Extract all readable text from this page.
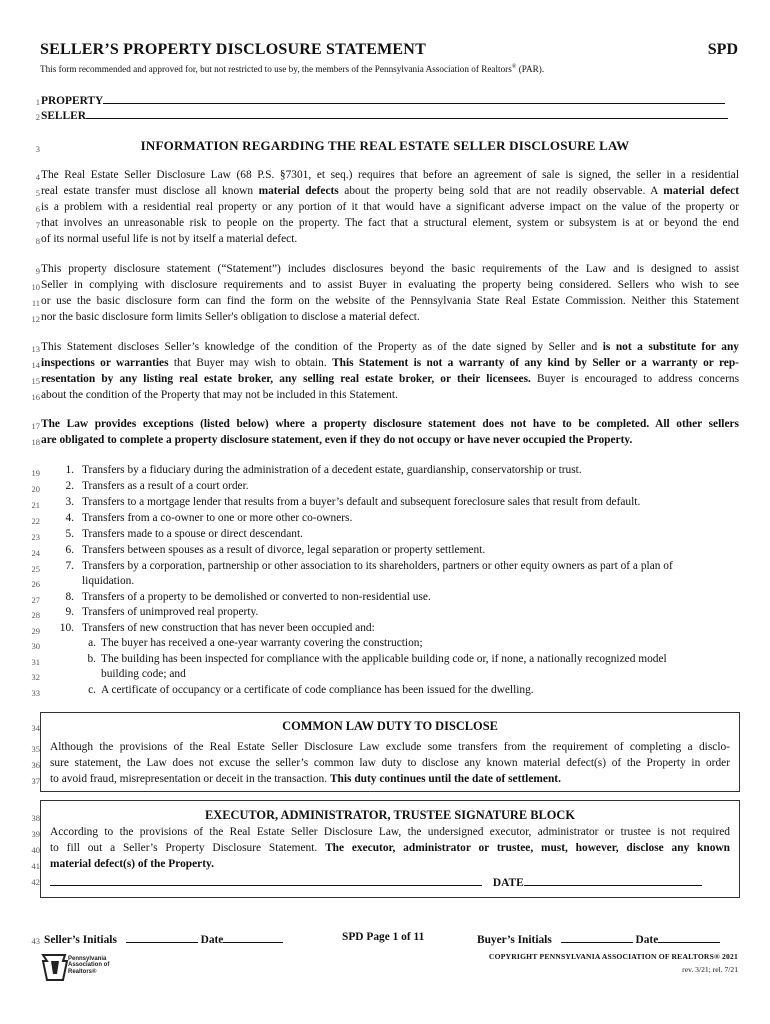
SELLER’S PROPERTY DISCLOSURE STATEMENT	SPD
This form recommended and approved for, but not restricted to use by, the members of the Pennsylvania Association of Realtors® (PAR).
1
2
3
4
5
6
7
8
9
10
11
12
13
14
15
16
17
18
19
20
21
22
23
24
25
26
27
28
29
30
31
32
33
34
35
36
37
38
39
40
41
42
43
PROPERTY
SELLER
INFORMATION REGARDING THE REAL ESTATE SELLER DISCLOSURE LAW
The Real Estate Seller Disclosure Law (68 P.S. §7301, et seq.) requires that before an agreement of sale is signed, the seller in a residential
real estate transfer must disclose all known material defects about the property being sold that are not readily observable. A material defect
is a problem with a residential real property or any portion of it that would have a significant adverse impact on the value of the property or
that involves an unreasonable risk to people on the property. The fact that a structural element, system or subsystem is at or beyond the end
of its normal useful life is not by itself a material defect.
This property disclosure statement (“Statement”) includes disclosures beyond the basic requirements of the Law and is designed to assist
Seller in complying with disclosure requirements and to assist Buyer in evaluating the property being considered. Sellers who wish to see
or use the basic disclosure form can find the form on the website of the Pennsylvania State Real Estate Commission. Neither this Statement
nor the basic disclosure form limits Seller's obligation to disclose a material defect.
This Statement discloses Seller’s knowledge of the condition of the Property as of the date signed by Seller and is not a substitute for any
inspections or warranties that Buyer may wish to obtain. This Statement is not a warranty of any kind by Seller or a warranty or rep-
resentation by any listing real estate broker, any selling real estate broker, or their licensees. Buyer is encouraged to address concerns
about the condition of the Property that may not be included in this Statement.
The Law provides exceptions (listed below) where a property disclosure statement does not have to be completed. All other sellers
are obligated to complete a property disclosure statement, even if they do not occupy or have never occupied the Property.
1. Transfers by a fiduciary during the administration of a decedent estate, guardianship, conservatorship or trust.
2. Transfers as a result of a court order.
3. Transfers to a mortgage lender that results from a buyer’s default and subsequent foreclosure sales that result from default.
4. Transfers from a co-owner to one or more other co-owners.
5. Transfers made to a spouse or direct descendant.
6. Transfers between spouses as a result of divorce, legal separation or property settlement.
7. Transfers by a corporation, partnership or other association to its shareholders, partners or other equity owners as part of a plan of
liquidation.
8. Transfers of a property to be demolished or converted to non-residential use.
9. Transfers of unimproved real property.
10. Transfers of new construction that has never been occupied and:
a. The buyer has received a one-year warranty covering the construction;
b. The building has been inspected for compliance with the applicable building code or, if none, a nationally recognized model
building code; and
c. A certificate of occupancy or a certificate of code compliance has been issued for the dwelling.
COMMON LAW DUTY TO DISCLOSE
Although the provisions of the Real Estate Seller Disclosure Law exclude some transfers from the requirement of completing a disclo-
sure statement, the Law does not excuse the seller’s common law duty to disclose any known material defect(s) of the Property in order
to avoid fraud, misrepresentation or deceit in the transaction. This duty continues until the date of settlement.
EXECUTOR, ADMINISTRATOR, TRUSTEE SIGNATURE BLOCK
According to the provisions of the Real Estate Seller Disclosure Law, the undersigned executor, administrator or trustee is not required
to fill out a Seller’s Property Disclosure Statement. The executor, administrator or trustee, must, however, disclose any known
material defect(s) of the Property.
DATE
Seller’s Initials	Date	SPD Page 1 of 11	Buyer’s Initials	Date
Pennsylvania
Association of
Realtors®
COPYRIGHT PENNSYLVANIA ASSOCIATION OF REALTORS® 2021
rev. 3/21; rel. 7/21
